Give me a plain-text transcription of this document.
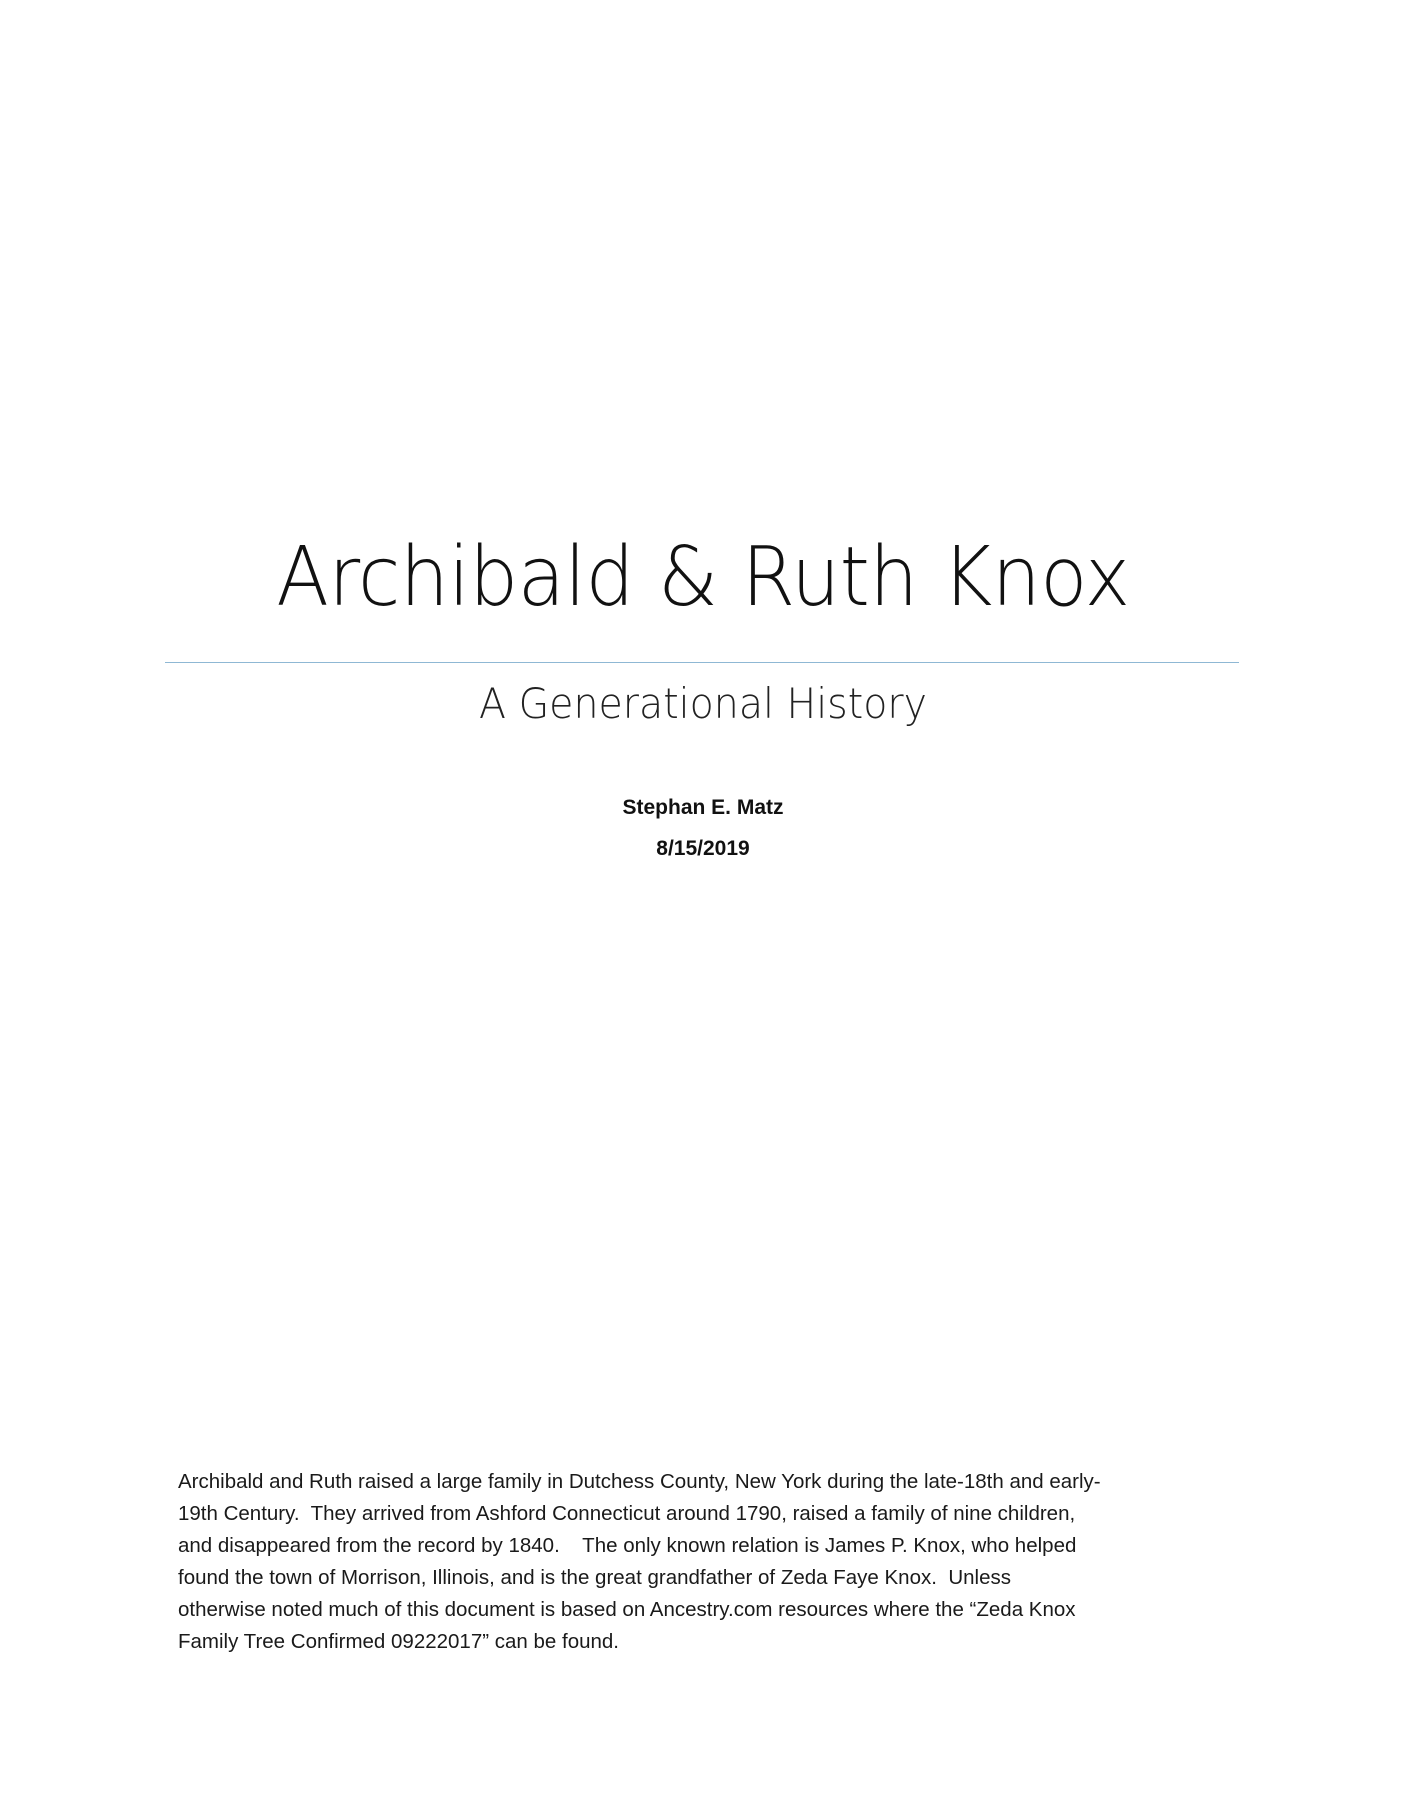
Archibald & Ruth Knox
A Generational History
Stephan E. Matz
8/15/2019
Archibald and Ruth raised a large family in Dutchess County, New York during the late-18th and early-
19th Century.  They arrived from Ashford Connecticut around 1790, raised a family of nine children,
and disappeared from the record by 1840.    The only known relation is James P. Knox, who helped
found the town of Morrison, Illinois, and is the great grandfather of Zeda Faye Knox.  Unless
otherwise noted much of this document is based on Ancestry.com resources where the “Zeda Knox
Family Tree Confirmed 09222017” can be found.
